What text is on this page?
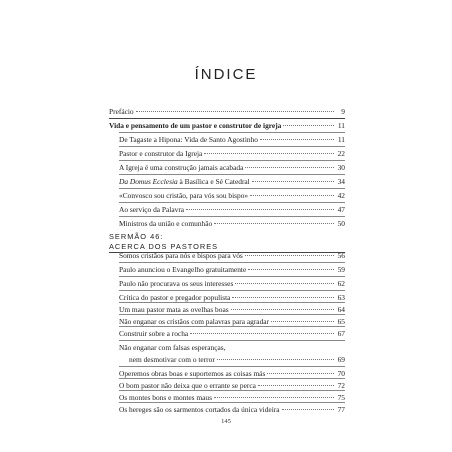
ÍNDICE
Prefácio	9
Vida e pensamento de um pastor e construtor de igreja	11
De Tagaste a Hipona: Vida de Santo Agostinho	11
Pastor e construtor da Igreja	22
A Igreja é uma construção jamais acabada	30
Da Domus Ecclesia à Basílica e Sé Catedral	34
«Convosco sou cristão, para vós sou bispo»	42
Ao serviço da Palavra	47
Ministros da união e comunhão	50
Somos cristãos para nós e bispos para vós	56
Paulo anunciou o Evangelho gratuitamente	59
Paulo não procurava os seus interesses	62
Crítica do pastor e pregador populista	63
Um mau pastor mata as ovelhas boas	64
Não enganar os cristãos com palavras para agradar	65
Construir sobre a rocha	67
Não enganar com falsas esperanças,
nem desmotivar com o terror	69
Operemos obras boas e suportemos as coisas más	70
O bom pastor não deixa que o errante se perca	72
Os montes bons e montes maus	75
Os hereges são os sarmentos cortados da única videira	77
SERMÃO 46:
ACERCA DOS PASTORES
145
